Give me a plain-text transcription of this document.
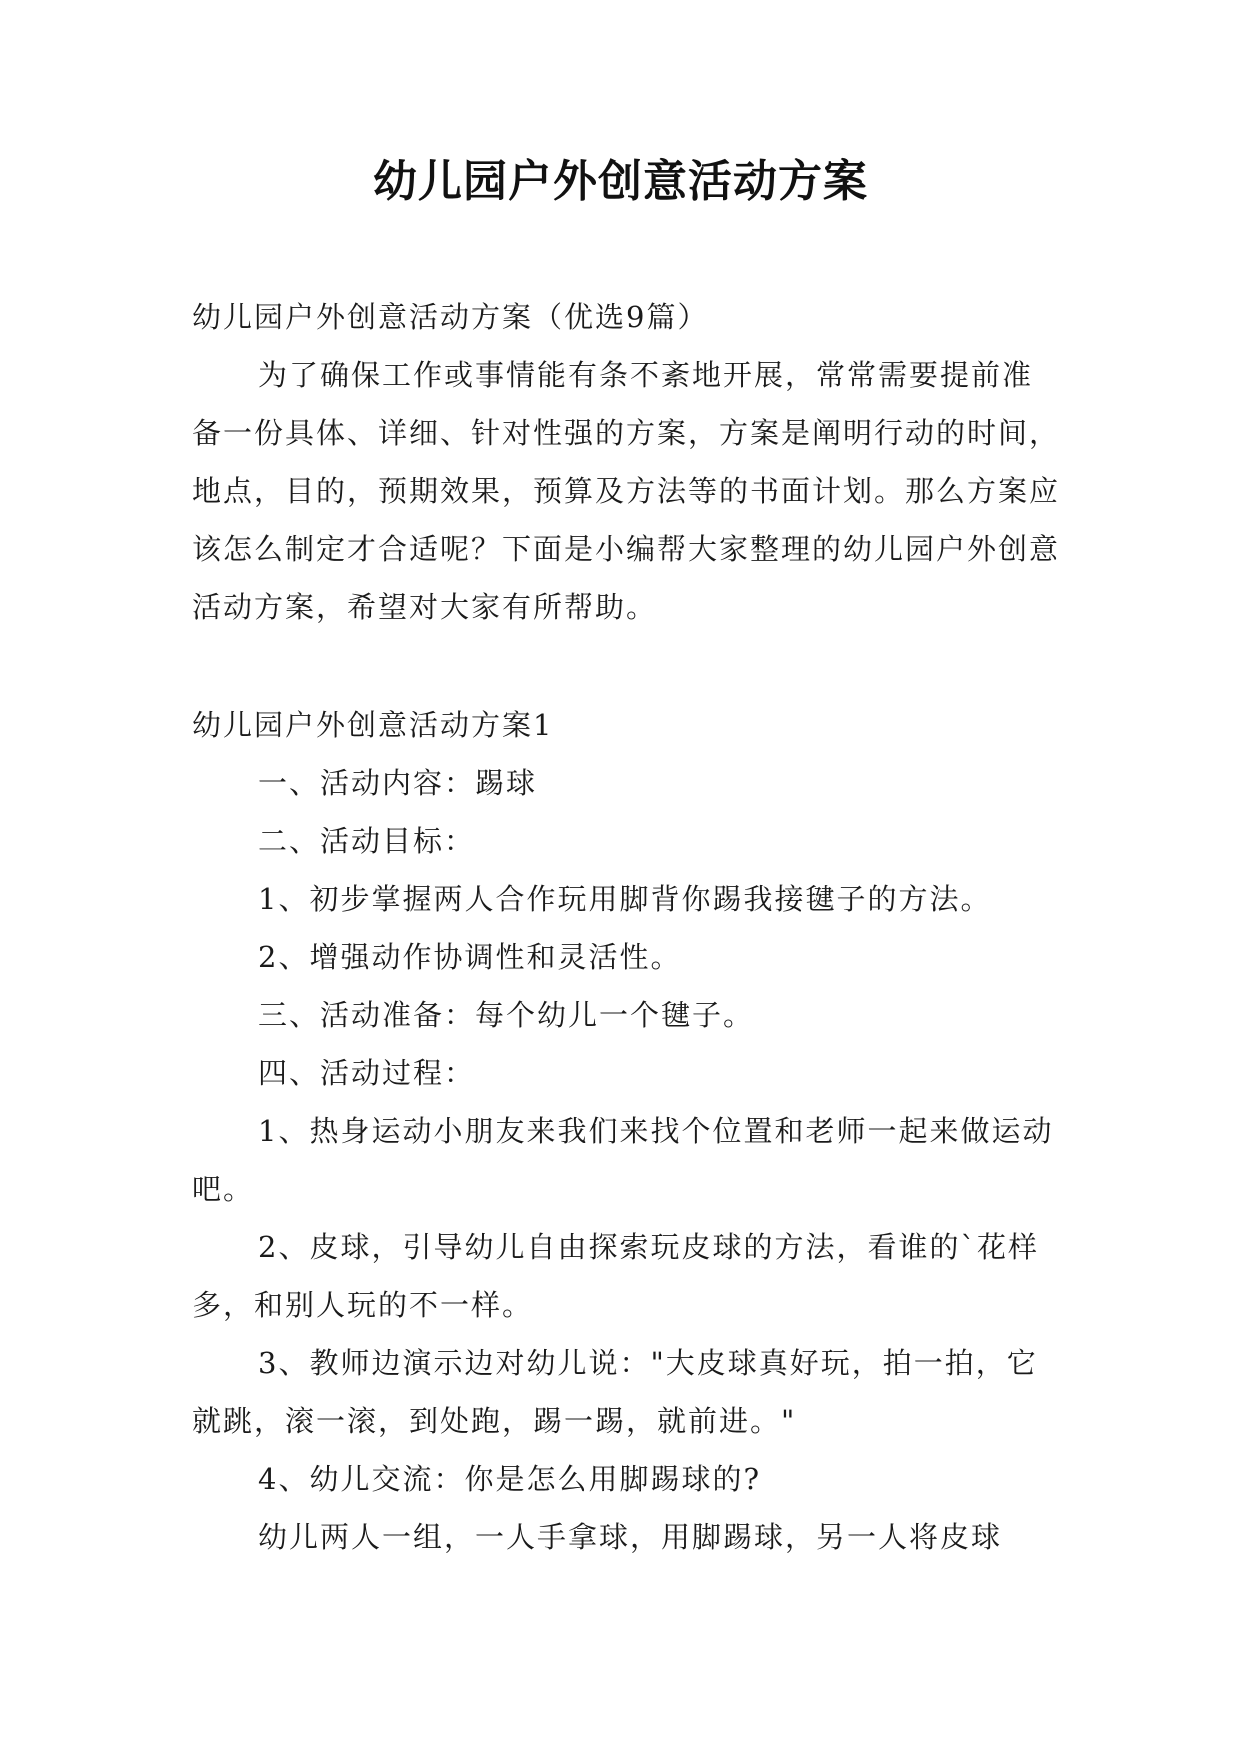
幼儿园户外创意活动方案

幼儿园户外创意活动方案（优选9篇）

为了确保工作或事情能有条不紊地开展，常常需要提前准备一份具体、详细、针对性强的方案，方案是阐明行动的时间，地点，目的，预期效果，预算及方法等的书面计划。那么方案应该怎么制定才合适呢？下面是小编帮大家整理的幼儿园户外创意活动方案，希望对大家有所帮助。

幼儿园户外创意活动方案1

一、活动内容：踢球

二、活动目标：

1、初步掌握两人合作玩用脚背你踢我接毽子的方法。

2、增强动作协调性和灵活性。

三、活动准备：每个幼儿一个毽子。

四、活动过程：

1、热身运动小朋友来我们来找个位置和老师一起来做运动吧。

2、皮球，引导幼儿自由探索玩皮球的方法，看谁的`花样多，和别人玩的不一样。

3、教师边演示边对幼儿说："大皮球真好玩，拍一拍，它就跳，滚一滚，到处跑，踢一踢，就前进。"

4、幼儿交流：你是怎么用脚踢球的?

幼儿两人一组，一人手拿球，用脚踢球，另一人将皮球
